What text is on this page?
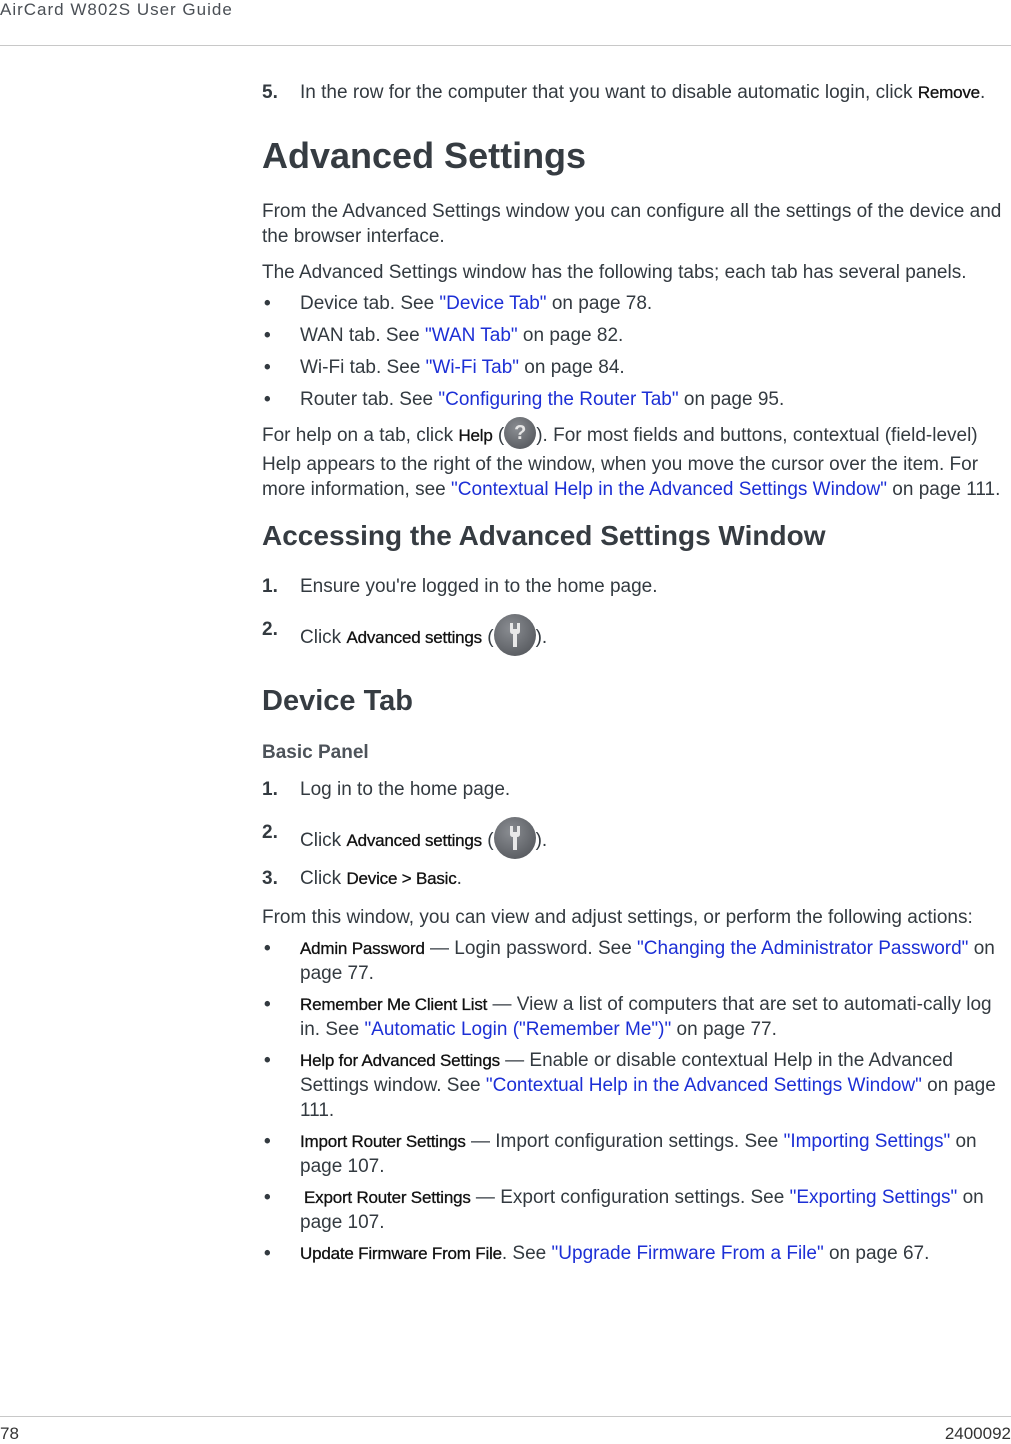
AirCard W802S User Guide
5. In the row for the computer that you want to disable automatic login, click Remove.
Advanced Settings

From the Advanced Settings window you can configure all the settings of the device and the browser interface.

The Advanced Settings window has the following tabs; each tab has several panels.

• Device tab. See "Device Tab" on page 78.
• WAN tab. See "WAN Tab" on page 82.
• Wi-Fi tab. See "Wi-Fi Tab" on page 84.
• Router tab. See "Configuring the Router Tab" on page 95.

For help on a tab, click Help ( ? ). For most fields and buttons, contextual (field-level) Help appears to the right of the window, when you move the cursor over the item. For more information, see "Contextual Help in the Advanced Settings Window" on page 111.

Accessing the Advanced Settings Window
1. Ensure you're logged in to the home page.
2. Click Advanced settings ( ).
Device Tab
Basic Panel
1. Log in to the home page.
2. Click Advanced settings ( ).
3. Click Device > Basic.

From this window, you can view and adjust settings, or perform the following actions:

• Admin Password — Login password. See "Changing the Administrator Password" on page 77.
• Remember Me Client List — View a list of computers that are set to automati-cally log in. See "Automatic Login ("Remember Me")" on page 77.
• Help for Advanced Settings — Enable or disable contextual Help in the Advanced Settings window. See "Contextual Help in the Advanced Settings Window" on page 111.
• Import Router Settings — Import configuration settings. See "Importing Settings" on page 107.
• Export Router Settings — Export configuration settings. See "Exporting Settings" on page 107.
• Update Firmware From File. See "Upgrade Firmware From a File" on page 67.
78	2400092
